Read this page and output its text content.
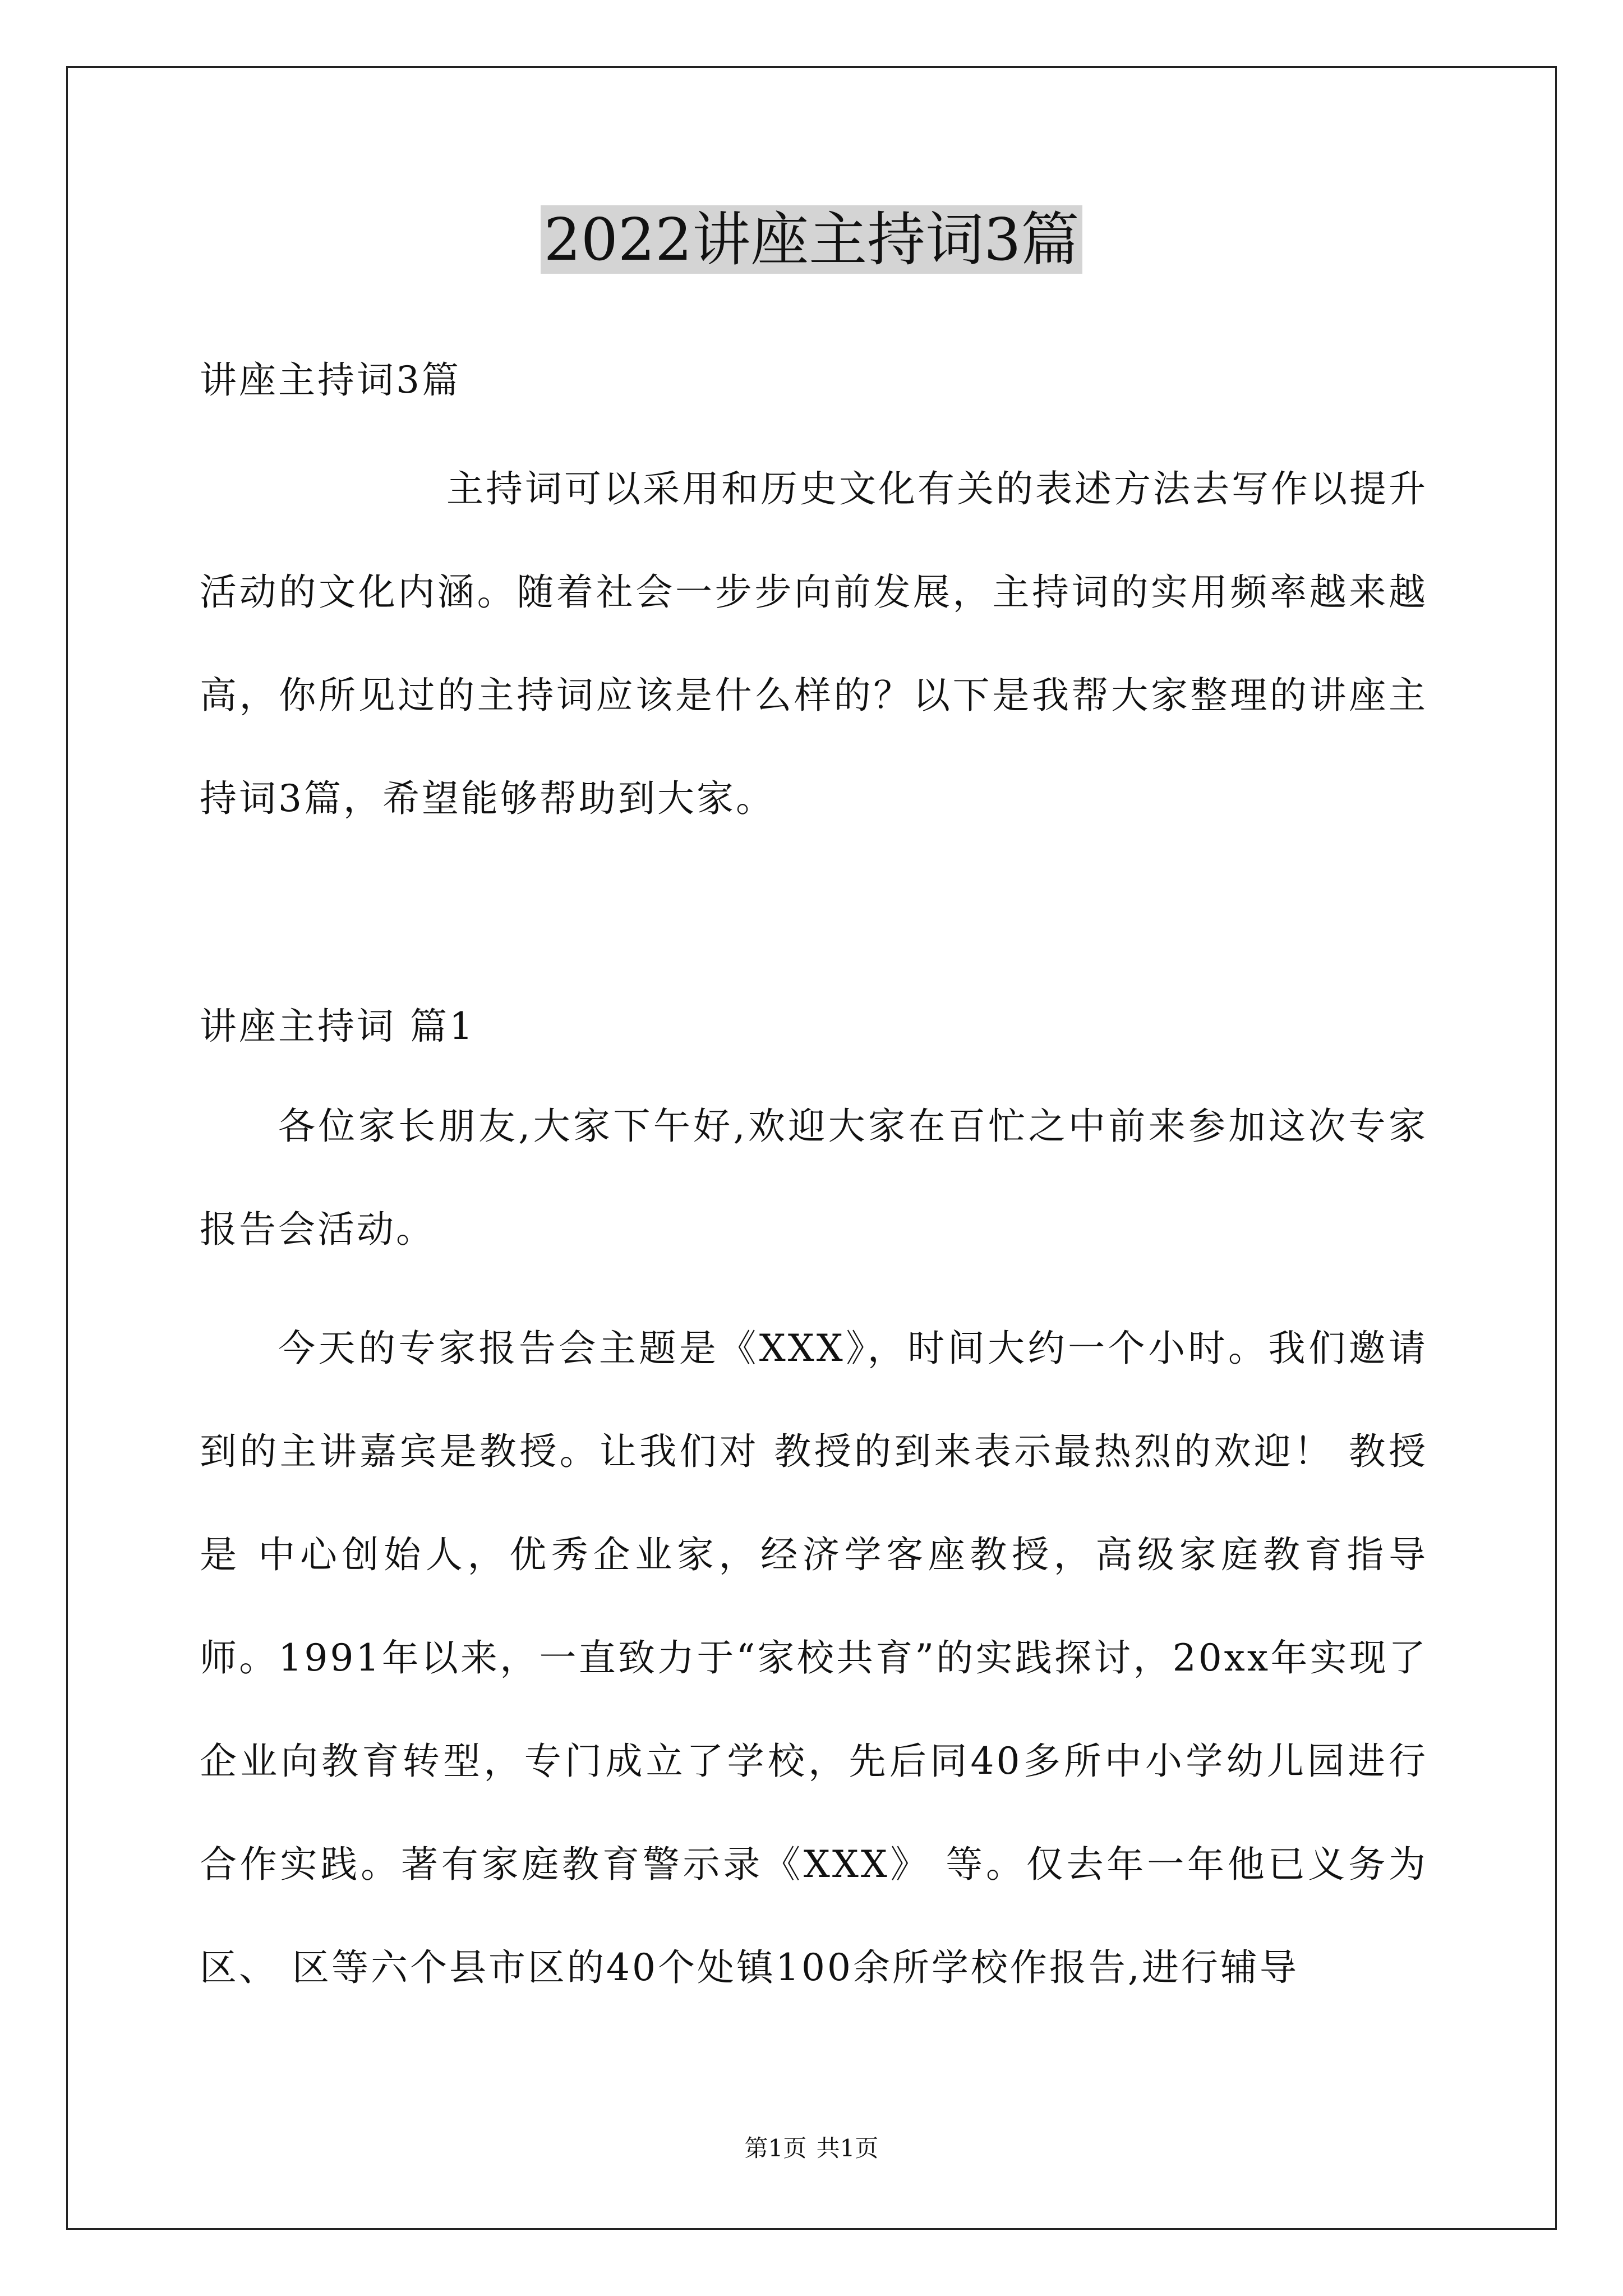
2022讲座主持词3篇
讲座主持词3篇
主持词可以采用和历史文化有关的表述方法去写作以提升活动的文化内涵。随着社会一步步向前发展，主持词的实用频率越来越高，你所见过的主持词应该是什么样的？以下是我帮大家整理的讲座主持词3篇，希望能够帮助到大家。
讲座主持词 篇1
各位家长朋友,大家下午好,欢迎大家在百忙之中前来参加这次专家报告会活动。
今天的专家报告会主题是《XXX》，时间大约一个小时。我们邀请到的主讲嘉宾是教授。让我们对 教授的到来表示最热烈的欢迎！ 教授是 中心创始人，优秀企业家，经济学客座教授，高级家庭教育指导师。1991年以来，一直致力于“家校共育”的实践探讨，20xx年实现了企业向教育转型，专门成立了学校，先后同40多所中小学幼儿园进行合作实践。著有家庭教育警示录《XXX》 等。仅去年一年他已义务为 区、 区等六个县市区的40个处镇100余所学校作报告,进行辅导
第1页 共1页
